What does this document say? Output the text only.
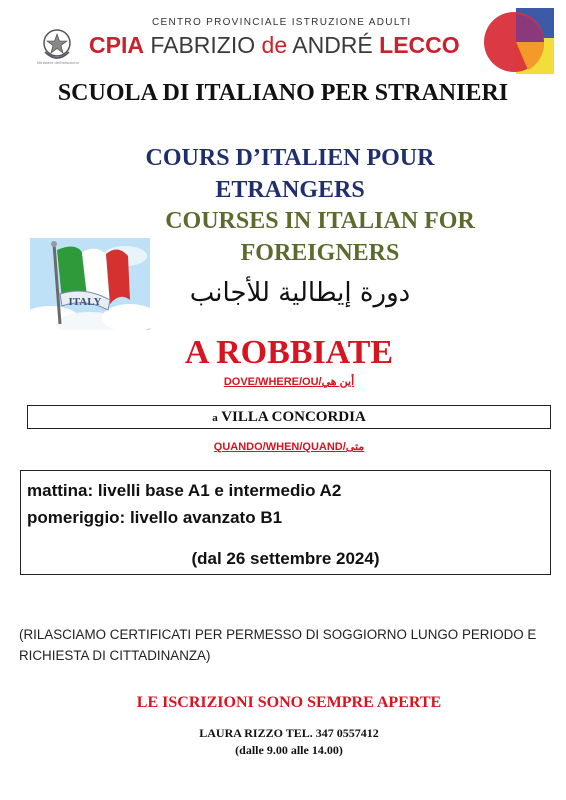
Ministero dell'Istruzione
CENTRO PROVINCIALE ISTRUZIONE ADULTI
CPIA FABRIZIO de ANDRÉ LECCO
SCUOLA DI ITALIANO PER STRANIERI
COURS D’ITALIEN POUR ETRANGERS
COURSES IN ITALIAN FOR FOREIGNERS
دورة إيطالية للأجانب
ITALY
A ROBBIATE
DOVE/WHERE/OU/أين هي
a VILLA CONCORDIA
QUANDO/WHEN/QUAND/متى
mattina: livelli base A1 e intermedio A2
pomeriggio: livello avanzato B1
(dal 26 settembre 2024)
(RILASCIAMO CERTIFICATI PER PERMESSO DI SOGGIORNO LUNGO PERIODO E RICHIESTA DI CITTADINANZA)
LE ISCRIZIONI SONO SEMPRE APERTE
LAURA RIZZO TEL. 347 0557412
(dalle 9.00 alle 14.00)
